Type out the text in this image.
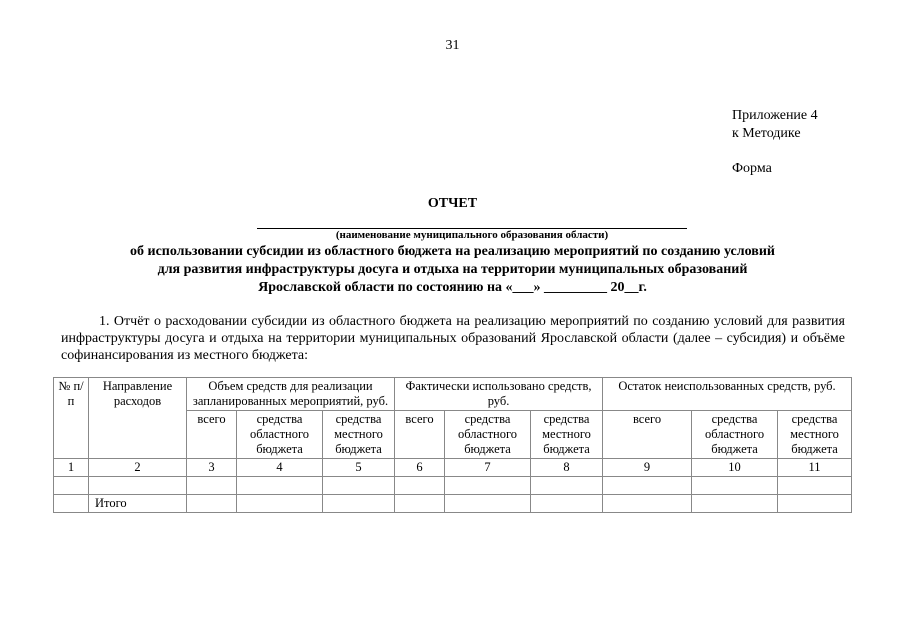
31
Приложение 4
к Методике
Форма
ОТЧЕТ
(наименование муниципального образования области)
об использовании субсидии из областного бюджета на реализацию мероприятий по созданию условий
для развития инфраструктуры досуга и отдыха на территории муниципальных образований
Ярославской области по состоянию на «___» _________ 20__г.
1. Отчёт о расходовании субсидии из областного бюджета на реализацию мероприятий по созданию условий для развития инфраструктуры досуга и отдыха на территории муниципальных образований Ярославской области (далее – субсидия) и объёме софинансирования из местного бюджета:
№ п/п	Направление расходов	Объем средств для реализации запланированных мероприятий, руб.			Фактически использовано средств, руб.			Остаток неиспользованных средств, руб.		
		всего	средства областного бюджета	средства местного бюджета	всего	средства областного бюджета	средства местного бюджета	всего	средства областного бюджета	средства местного бюджета
1	2	3	4	5	6	7	8	9	10	11

	Итого									
